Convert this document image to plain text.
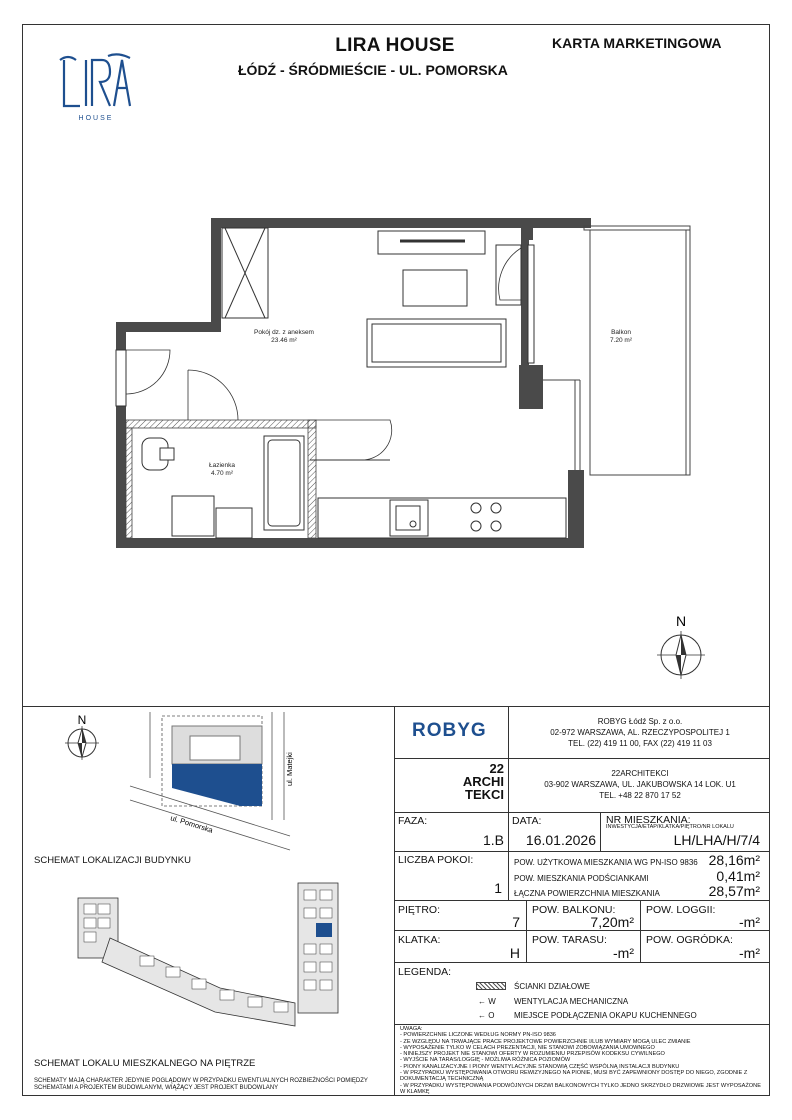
HOUSE
LIRA HOUSE
ŁÓDŹ - ŚRÓDMIEŚCIE - UL. POMORSKA
KARTA MARKETINGOWA
Pokój dz. z aneksem
23.46 m²
Łazienka
4.70 m²
Balkon
7.20 m²
N
N
ul. Matejki
ul. Pomorska
SCHEMAT LOKALIZACJI BUDYNKU
SCHEMAT LOKALU MIESZKALNEGO NA PIĘTRZE
SCHEMATY MAJĄ CHARAKTER JEDYNIE POGLĄDOWY W PRZYPADKU EWENTUALNYCH ROZBIEŻNOŚCI POMIĘDZY SCHEMATAMI A PROJEKTEM BUDOWLANYM, WIĄŻĄCY JEST PROJEKT BUDOWLANY
ROBYG	ROBYG Łódź Sp. z o.o.
02-972 WARSZAWA, AL. RZECZYPOSPOLITEJ 1
TEL. (22) 419 11 00, FAX (22) 419 11 03
22
ARCHI
TEKCI
22ARCHITEKCI
03-902 WARSZAWA, UL. JAKUBOWSKA 14 LOK. U1
TEL. +48 22 870 17 52
FAZA:
1.B
DATA:
16.01.2026
NR MIESZKANIA:
INWESTYCJA/ETAP/KLATKA/PIĘTRO/NR LOKALU
LH/LHA/H/7/4
LICZBA POKOI:
1
POW. UŻYTKOWA MIESZKANIA WG PN-ISO 9836 28,16m²
POW. MIESZKANIA PODŚCIANKAMI	0,41m²
ŁĄCZNA POWIERZCHNIA MIESZKANIA	28,57m²
PIĘTRO:
7
POW. BALKONU:
7,20m²
POW. LOGGII:
-m²
KLATKA:
H
POW. TARASU:
-m²
POW. OGRÓDKA:
-m²
LEGENDA:
ŚCIANKI DZIAŁOWE
← W WENTYLACJA MECHANICZNA
← O MIEJSCE PODŁĄCZENIA OKAPU KUCHENNEGO
UWAGA:
- POWIERZCHNIE LICZONE WEDŁUG NORMY PN-ISO 9836
- ZE WZGLĘDU NA TRWAJĄCE PRACE PROJEKTOWE POWIERZCHNIE I/LUB WYMIARY MOGĄ ULEC ZMIANIE
- WYPOSAŻENIE TYLKO W CELACH PREZENTACJI, NIE STANOWI ZOBOWIĄZANIA UMOWNEGO
- NINIEJSZY PROJEKT NIE STANOWI OFERTY W ROZUMIENIU PRZEPISÓW KODEKSU CYWILNEGO
- WYJŚCIE NA TARAS/LOGGIĘ - MOŻLIWA RÓŻNICA POZIOMÓW
- PIONY KANALIZACYJNE I PIONY WENTYLACYJNE STANOWIĄ CZĘŚĆ WSPÓLNĄ INSTALACJI BUDYNKU
- W PRZYPADKU WYSTĘPOWANIA OTWORU REWIZYJNEGO NA PIONIE, MUSI BYĆ ZAPEWNIONY DOSTĘP DO NIEGO, ZGODNIE Z DOKUMENTACJĄ TECHNICZNĄ
- W PRZYPADKU WYSTĘPOWANIA PODWÓJNYCH DRZWI BALKONOWYCH TYLKO JEDNO SKRZYDŁO DRZWIOWE JEST WYPOSAŻONE W KLAMKĘ
